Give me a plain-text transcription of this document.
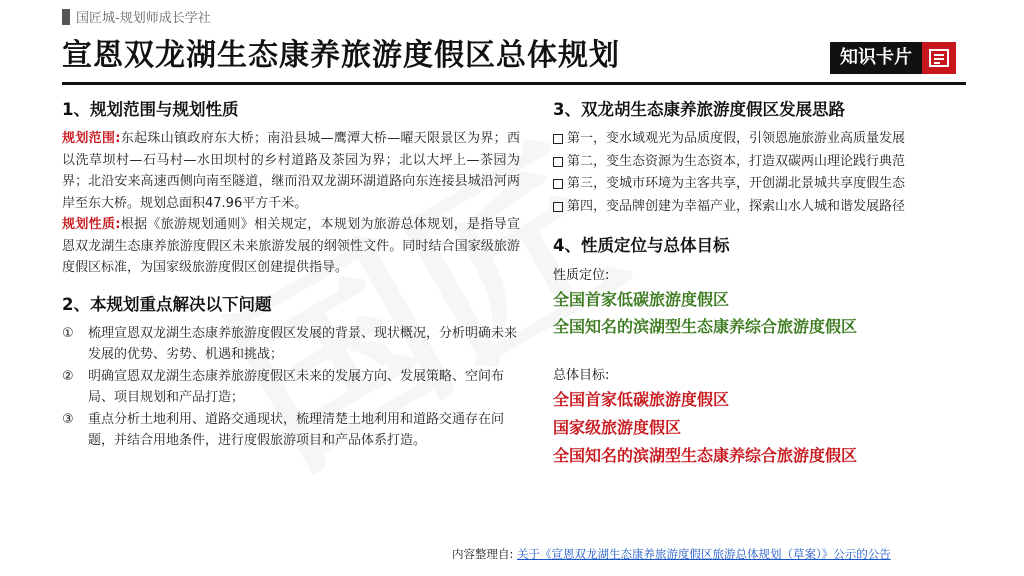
国匠城-规划师成长学社
宣恩双龙湖生态康养旅游度假区总体规划	知识卡片
1、规划范围与规划性质

规划范围:东起珠山镇政府东大桥；南沿县城—鹰潭大桥—曜天限景区为界；西以洗草坝村—石马村—水田坝村的乡村道路及茶园为界；北以大坪上—茶园为界；北沿安来高速西侧向南至隧道，继而沿双龙湖环湖道路向东连接县城沿河两岸至东大桥。规划总面积47.96平方千米。

规划性质:根据《旅游规划通则》相关规定，本规划为旅游总体规划，是指导宣恩双龙湖生态康养旅游度假区未来旅游发展的纲领性文件。同时结合国家级旅游度假区标准，为国家级旅游度假区创建提供指导。

2、本规划重点解决以下问题
①	梳理宣恩双龙湖生态康养旅游度假区发展的背景、现状概况，分析明确未来发展的优势、劣势、机遇和挑战；
②	明确宣恩双龙湖生态康养旅游度假区未来的发展方向、发展策略、空间布局、项目规划和产品打造；
③	重点分析土地利用、道路交通现状，梳理清楚土地利用和道路交通存在问题，并结合用地条件，进行度假旅游项目和产品体系打造。
3、双龙胡生态康养旅游度假区发展思路
第一，变水域观光为品质度假，引领恩施旅游业高质量发展
第二，变生态资源为生态资本，打造双碳两山理论践行典范
第三，变城市环境为主客共享，开创湖北景城共享度假生态
第四，变品牌创建为幸福产业，探索山水人城和谐发展路径
4、性质定位与总体目标
性质定位:
全国首家低碳旅游度假区
全国知名的滨湖型生态康养综合旅游度假区
总体目标:
全国首家低碳旅游度假区
国家级旅游度假区
全国知名的滨湖型生态康养综合旅游度假区
内容整理自: 关于《宣恩双龙湖生态康养旅游度假区旅游总体规划（草案）》公示的公告
